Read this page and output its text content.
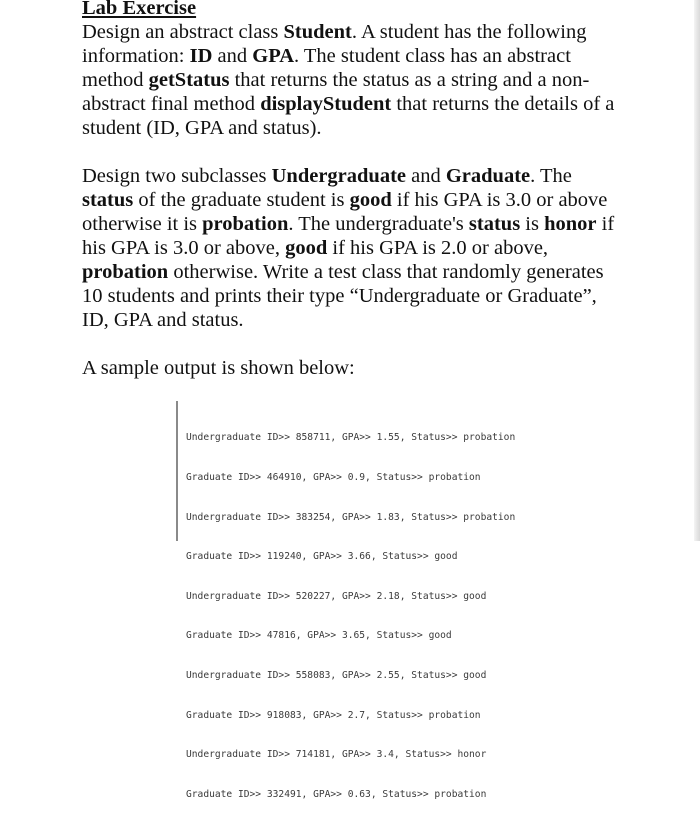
Lab Exercise

Design an abstract class Student. A student has the following information: ID and GPA. The student class has an abstract method getStatus that returns the status as a string and a non-abstract final method displayStudent that returns the details of a student (ID, GPA and status).

Design two subclasses Undergraduate and Graduate. The status of the graduate student is good if his GPA is 3.0 or above otherwise it is probation. The undergraduate's status is honor if his GPA is 3.0 or above, good if his GPA is 2.0 or above, probation otherwise. Write a test class that randomly generates 10 students and prints their type “Undergraduate or Graduate”, ID, GPA and status.

A sample output is shown below:

Undergraduate ID>> 858711, GPA>> 1.55, Status>> probation

Graduate ID>> 464910, GPA>> 0.9, Status>> probation

Undergraduate ID>> 383254, GPA>> 1.83, Status>> probation

Graduate ID>> 119240, GPA>> 3.66, Status>> good

Undergraduate ID>> 520227, GPA>> 2.18, Status>> good

Graduate ID>> 47816, GPA>> 3.65, Status>> good

Undergraduate ID>> 558083, GPA>> 2.55, Status>> good

Graduate ID>> 918083, GPA>> 2.7, Status>> probation

Undergraduate ID>> 714181, GPA>> 3.4, Status>> honor

Graduate ID>> 332491, GPA>> 0.63, Status>> probation
